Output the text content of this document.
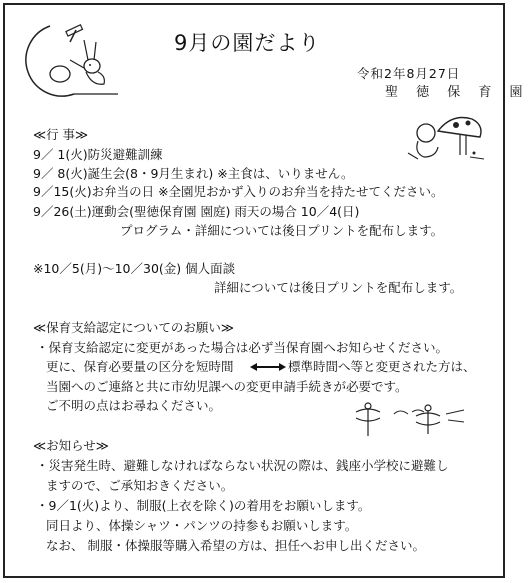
9月の園だより
令和2年8月27日
聖 徳 保 育 園
≪行 事≫
9／ 1(火)防災避難訓練
9／ 8(火)誕生会(8・9月生まれ) ※主食は、いりません。
9／15(火)お弁当の日 ※全園児おかず入りのお弁当を持たせてください。
9／26(土)運動会(聖徳保育園 園庭) 雨天の場合 10／4(日)
プログラム・詳細については後日プリントを配布します。
※10／5(月)～10／30(金) 個人面談
詳細については後日プリントを配布します。
≪保育支給認定についてのお願い≫
・保育支給認定に変更があった場合は必ず当保育園へお知らせください。
更に、保育必要量の区分を短時間	標準時間へ等と変更された方は、
当園へのご連絡と共に市幼児課への変更申請手続きが必要です。
ご不明の点はお尋ねください。
≪お知らせ≫
・災害発生時、避難しなければならない状況の際は、銭座小学校に避難し
ますので、ご承知おきください。
・9／1(火)より、制服(上衣を除く)の着用をお願いします。
同日より、体操シャツ・パンツの持参もお願いします。
なお、 制服・体操服等購入希望の方は、担任へお申し出ください。
